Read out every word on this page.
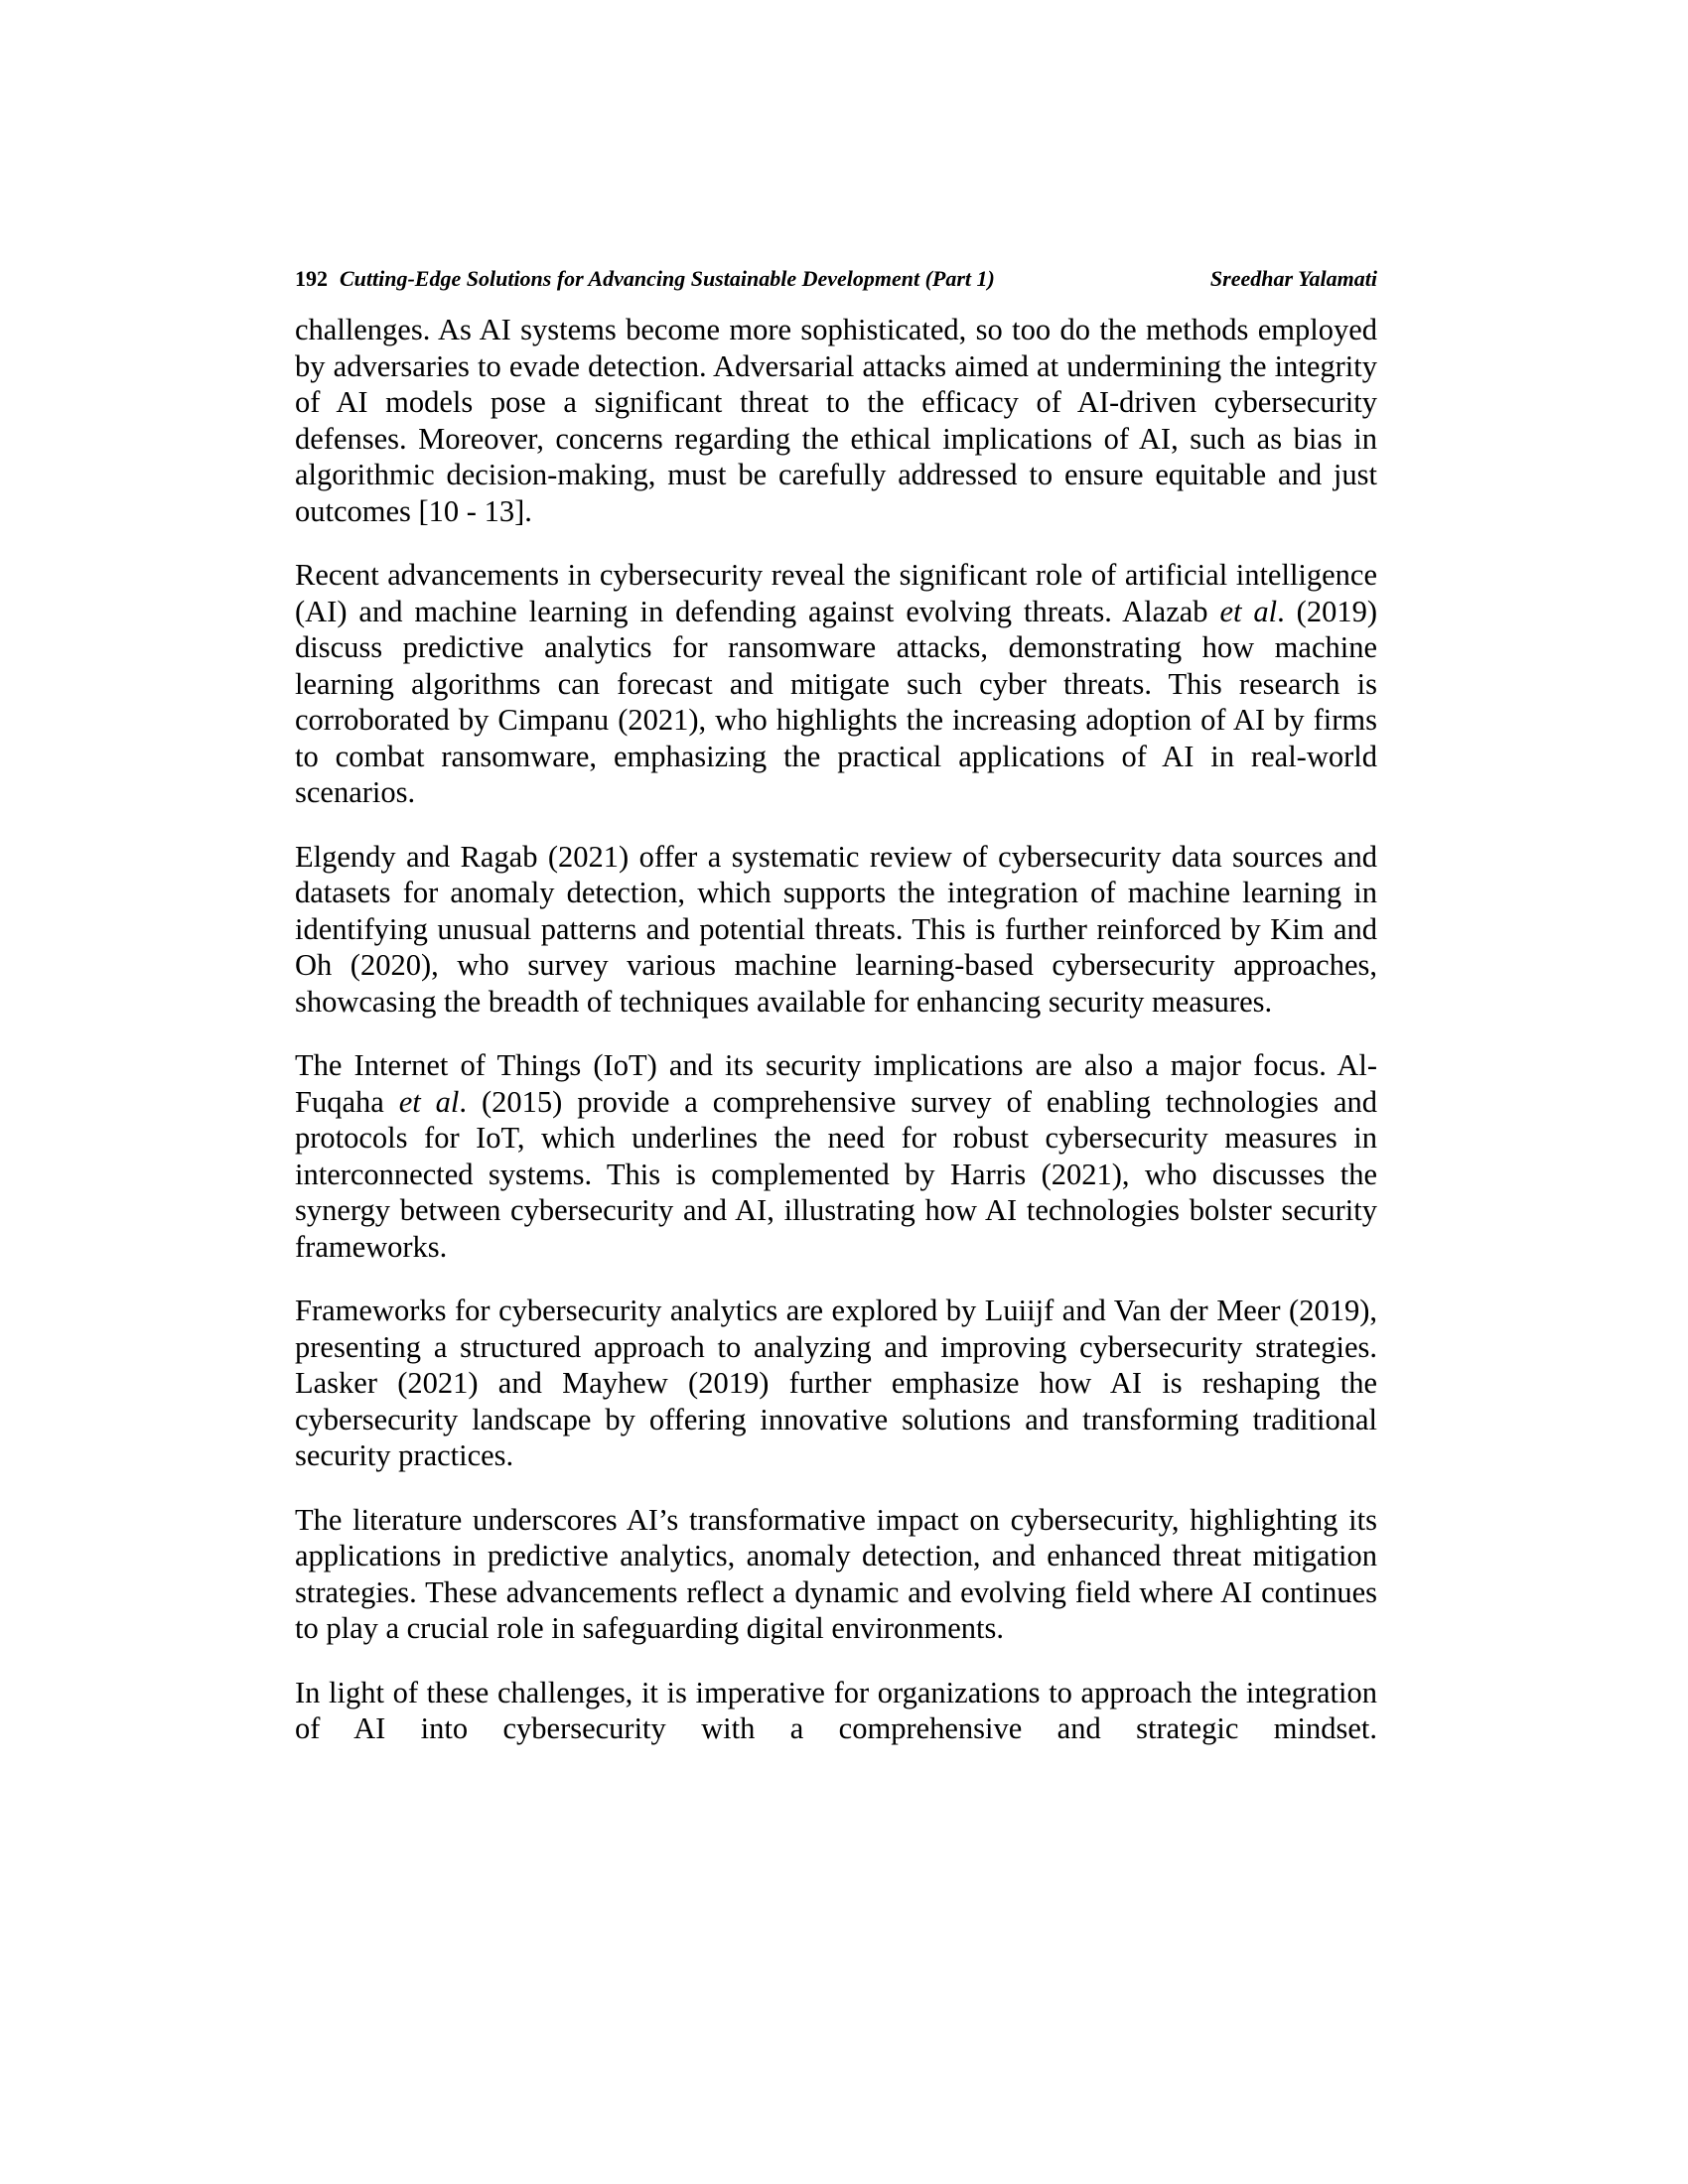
192 Cutting-Edge Solutions for Advancing Sustainable Development (Part 1)	Sreedhar Yalamati

challenges. As AI systems become more sophisticated, so too do the methods employed by adversaries to evade detection. Adversarial attacks aimed at undermining the integrity of AI models pose a significant threat to the efficacy of AI-driven cybersecurity defenses. Moreover, concerns regarding the ethical implications of AI, such as bias in algorithmic decision-making, must be carefully addressed to ensure equitable and just outcomes [10 - 13].

Recent advancements in cybersecurity reveal the significant role of artificial intelligence (AI) and machine learning in defending against evolving threats. Alazab et al. (2019) discuss predictive analytics for ransomware attacks, demonstrating how machine learning algorithms can forecast and mitigate such cyber threats. This research is corroborated by Cimpanu (2021), who highlights the increasing adoption of AI by firms to combat ransomware, emphasizing the practical applications of AI in real-world scenarios.

Elgendy and Ragab (2021) offer a systematic review of cybersecurity data sources and datasets for anomaly detection, which supports the integration of machine learning in identifying unusual patterns and potential threats. This is further reinforced by Kim and Oh (2020), who survey various machine learning-based cybersecurity approaches, showcasing the breadth of techniques available for enhancing security measures.

The Internet of Things (IoT) and its security implications are also a major focus. Al-Fuqaha et al. (2015) provide a comprehensive survey of enabling technologies and protocols for IoT, which underlines the need for robust cybersecurity measures in interconnected systems. This is complemented by Harris (2021), who discusses the synergy between cybersecurity and AI, illustrating how AI technologies bolster security frameworks.

Frameworks for cybersecurity analytics are explored by Luiijf and Van der Meer (2019), presenting a structured approach to analyzing and improving cybersecurity strategies. Lasker (2021) and Mayhew (2019) further emphasize how AI is reshaping the cybersecurity landscape by offering innovative solutions and transforming traditional security practices.

The literature underscores AI’s transformative impact on cybersecurity, highlighting its applications in predictive analytics, anomaly detection, and enhanced threat mitigation strategies. These advancements reflect a dynamic and evolving field where AI continues to play a crucial role in safeguarding digital environments.

In light of these challenges, it is imperative for organizations to approach the integration of AI into cybersecurity with a comprehensive and strategic mindset.
